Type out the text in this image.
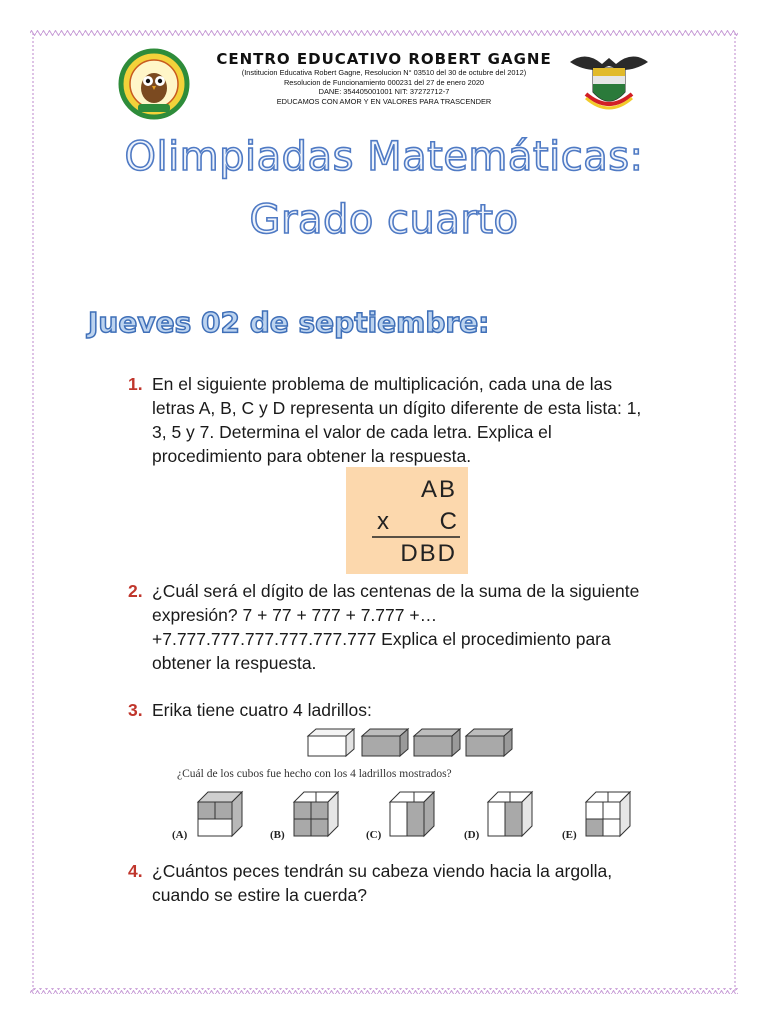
CENTRO EDUCATIVO ROBERT GAGNE
(Institucion Educativa Robert Gagne, Resolucion N° 03510 del 30 de octubre del 2012)
Resolucion de Funcionamiento 000231 del 27 de enero 2020
DANE: 354405001001 NIT: 37272712-7
EDUCAMOS CON AMOR Y EN VALORES PARA TRASCENDER
Olimpiadas Matemáticas:
Grado cuarto
Jueves 02 de septiembre:
1. En el siguiente problema de multiplicación, cada una de las letras A, B, C y D representa un dígito diferente de esta lista: 1, 3, 5 y 7. Determina el valor de cada letra. Explica el procedimiento para obtener la respuesta.
AB
x C
DBD
2. ¿Cuál será el dígito de las centenas de la suma de la siguiente expresión? 7 + 77 + 777 + 7.777 +… +7.777.777.777.777.777.777 Explica el procedimiento para obtener la respuesta.
3. Erika tiene cuatro 4 ladrillos:
¿Cuál de los cubos fue hecho con los 4 ladrillos mostrados?
(A)	(B)	(C)	(D)	(E)
4. ¿Cuántos peces tendrán su cabeza viendo hacia la argolla, cuando se estire la cuerda?
